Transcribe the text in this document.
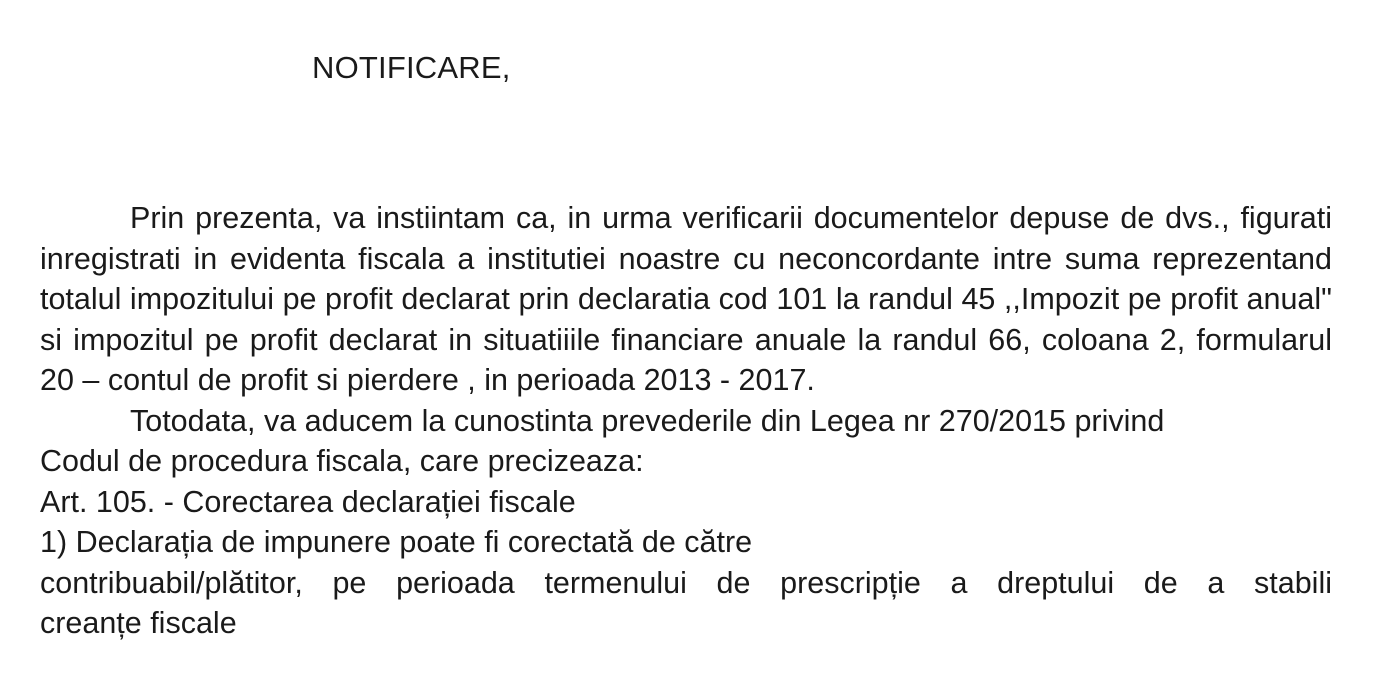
NOTIFICARE,

Prin prezenta, va instiintam ca, in urma verificarii documentelor depuse de dvs., figurati inregistrati in evidenta fiscala a institutiei noastre cu neconcordante intre suma reprezentand totalul impozitului pe profit declarat prin declaratia cod 101 la randul 45 ,,Impozit pe profit anual" si impozitul pe profit declarat in situatiiile financiare anuale la randul 66, coloana 2, formularul 20 – contul de profit si pierdere , in perioada 2013 - 2017.

Totodata, va aducem la cunostinta prevederile din Legea nr 270/2015 privind

Codul de procedura fiscala, care precizeaza:

Art. 105. - Corectarea declarației fiscale

1) Declarația de impunere poate fi corectată de către

contribuabil/plătitor, pe perioada termenului de prescripție a dreptului de a stabili

creanțe fiscale
